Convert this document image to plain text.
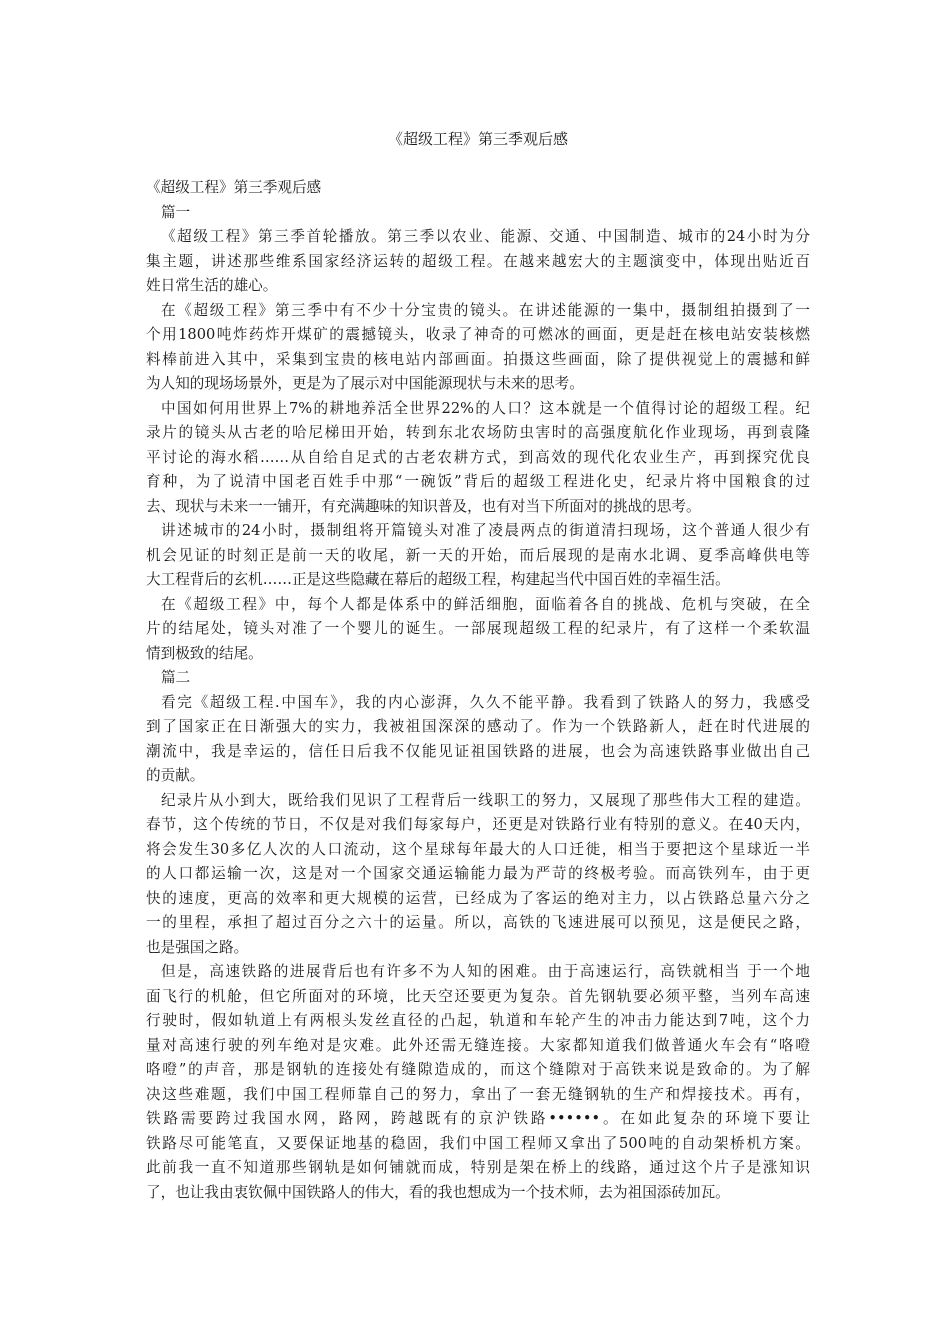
《超级工程》第三季观后感
《超级工程》第三季观后感
篇一
《超级工程》第三季首轮播放。第三季以农业、能源、交通、中国制造、城市的24小时为分
集主题，讲述那些维系国家经济运转的超级工程。在越来越宏大的主题演变中，体现出贴近百
姓日常生活的雄心。
在《超级工程》第三季中有不少十分宝贵的镜头。在讲述能源的一集中，摄制组拍摄到了一
个用1800吨炸药炸开煤矿的震撼镜头，收录了神奇的可燃冰的画面，更是赶在核电站安装核燃
料棒前进入其中，采集到宝贵的核电站内部画面。拍摄这些画面，除了提供视觉上的震撼和鲜
为人知的现场场景外，更是为了展示对中国能源现状与未来的思考。
中国如何用世界上7%的耕地养活全世界22%的人口？这本就是一个值得讨论的超级工程。纪
录片的镜头从古老的哈尼梯田开始，转到东北农场防虫害时的高强度航化作业现场，再到袁隆
平讨论的海水稻……从自给自足式的古老农耕方式，到高效的现代化农业生产，再到探究优良
育种，为了说清中国老百姓手中那“一碗饭”背后的超级工程进化史，纪录片将中国粮食的过
去、现状与未来一一铺开，有充满趣味的知识普及，也有对当下所面对的挑战的思考。
讲述城市的24小时，摄制组将开篇镜头对准了凌晨两点的街道清扫现场，这个普通人很少有
机会见证的时刻正是前一天的收尾，新一天的开始，而后展现的是南水北调、夏季高峰供电等
大工程背后的玄机……正是这些隐藏在幕后的超级工程，构建起当代中国百姓的幸福生活。
在《超级工程》中，每个人都是体系中的鲜活细胞，面临着各自的挑战、危机与突破，在全
片的结尾处，镜头对准了一个婴儿的诞生。一部展现超级工程的纪录片，有了这样一个柔软温
情到极致的结尾。
篇二
看完《超级工程.中国车》，我的内心澎湃，久久不能平静。我看到了铁路人的努力，我感受
到了国家正在日渐强大的实力，我被祖国深深的感动了。作为一个铁路新人，赶在时代进展的
潮流中，我是幸运的，信任日后我不仅能见证祖国铁路的进展，也会为高速铁路事业做出自己
的贡献。
纪录片从小到大，既给我们见识了工程背后一线职工的努力，又展现了那些伟大工程的建造。
春节，这个传统的节日，不仅是对我们每家每户，还更是对铁路行业有特别的意义。在40天内，
将会发生30多亿人次的人口流动，这个星球每年最大的人口迁徙，相当于要把这个星球近一半
的人口都运输一次，这是对一个国家交通运输能力最为严苛的终极考验。而高铁列车，由于更
快的速度，更高的效率和更大规模的运营，已经成为了客运的绝对主力，以占铁路总量六分之
一的里程，承担了超过百分之六十的运量。所以，高铁的飞速进展可以预见，这是便民之路，
也是强国之路。
但是，高速铁路的进展背后也有许多不为人知的困难。由于高速运行，高铁就相当 于一个地
面飞行的机舱，但它所面对的环境，比天空还要更为复杂。首先钢轨要必须平整，当列车高速
行驶时，假如轨道上有两根头发丝直径的凸起，轨道和车轮产生的冲击力能达到7吨，这个力
量对高速行驶的列车绝对是灾难。此外还需无缝连接。大家都知道我们做普通火车会有“咯噔
咯噔”的声音，那是钢轨的连接处有缝隙造成的，而这个缝隙对于高铁来说是致命的。为了解
决这些难题，我们中国工程师靠自己的努力，拿出了一套无缝钢轨的生产和焊接技术。再有，
铁路需要跨过我国水网，路网，跨越既有的京沪铁路••••••。在如此复杂的环境下要让
铁路尽可能笔直，又要保证地基的稳固，我们中国工程师又拿出了500吨的自动架桥机方案。
此前我一直不知道那些钢轨是如何铺就而成，特别是架在桥上的线路，通过这个片子是涨知识
了，也让我由衷钦佩中国铁路人的伟大，看的我也想成为一个技术师，去为祖国添砖加瓦。
